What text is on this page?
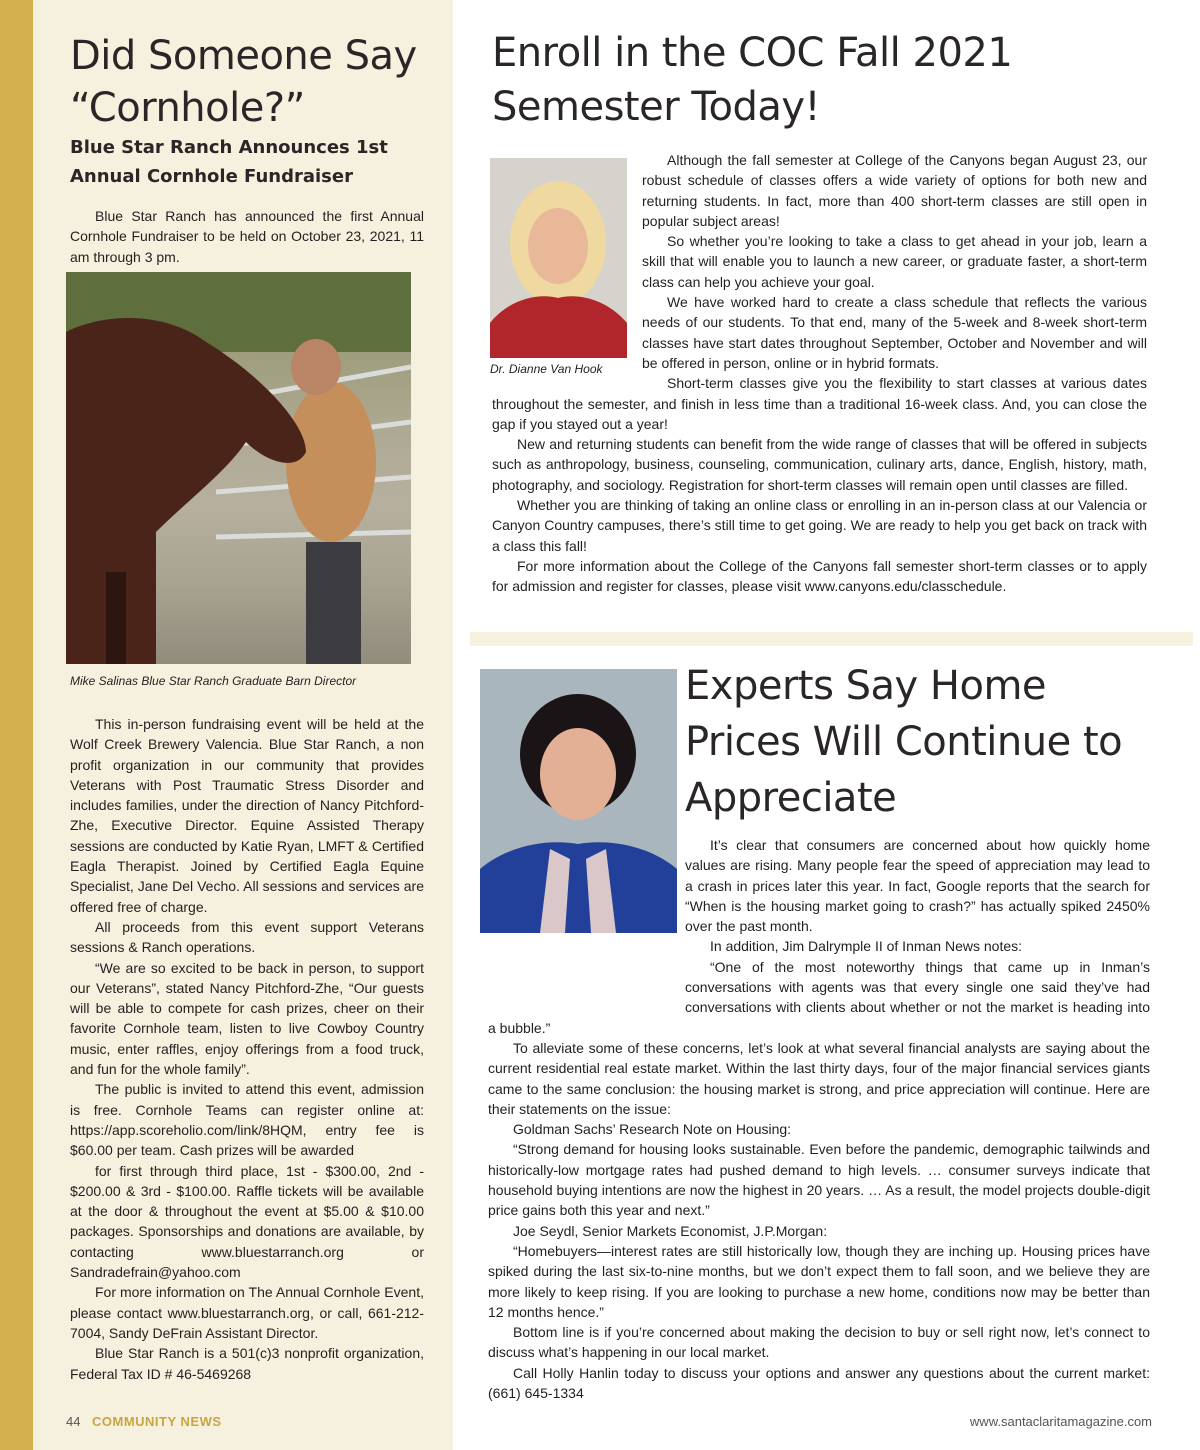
Did Someone Say “Cornhole?”
Blue Star Ranch Announces 1st Annual Cornhole Fundraiser

Blue Star Ranch has announced the first Annual Cornhole Fundraiser to be held on October 23, 2021, 11 am through 3 pm.

Mike Salinas Blue Star Ranch Graduate Barn Director

This in-person fundraising event will be held at the Wolf Creek Brewery Valencia. Blue Star Ranch, a non profit organization in our community that provides Veterans with Post Traumatic Stress Disorder and includes families, under the direction of Nancy Pitchford-Zhe, Executive Director. Equine Assisted Therapy sessions are conducted by Katie Ryan, LMFT & Certified Eagla Therapist. Joined by Certified Eagla Equine Specialist, Jane Del Vecho. All sessions and services are offered free of charge.

All proceeds from this event support Veterans sessions & Ranch operations.

“We are so excited to be back in person, to support our Veterans”, stated Nancy Pitchford-Zhe, “Our guests will be able to compete for cash prizes, cheer on their favorite Cornhole team, listen to live Cowboy Country music, enter raffles, enjoy offerings from a food truck, and fun for the whole family”.

The public is invited to attend this event, admission is free. Cornhole Teams can register online at: https://app.scoreholio.com/link/8HQM, entry fee is $60.00 per team. Cash prizes will be awarded

for first through third place, 1st - $300.00, 2nd - $200.00 & 3rd - $100.00. Raffle tickets will be available at the door & throughout the event at $5.00 & $10.00 packages. Sponsorships and donations are available, by contacting www.bluestarranch.org or Sandradefrain@yahoo.com

For more information on The Annual Cornhole Event, please contact www.bluestarranch.org, or call, 661-212-7004, Sandy DeFrain Assistant Director.

Blue Star Ranch is a 501(c)3 nonprofit organization, Federal Tax ID # 46-5469268

Enroll in the COC Fall 2021 Semester Today!

Although the fall semester at College of the Canyons began August 23, our robust schedule of classes offers a wide variety of options for both new and returning students. In fact, more than 400 short-term classes are still open in popular subject areas!

So whether you’re looking to take a class to get ahead in your job, learn a skill that will enable you to launch a new career, or graduate faster, a short-term class can help you achieve your goal.

We have worked hard to create a class schedule that reflects the various needs of our students. To that end, many of the 5-week and 8-week short-term classes have start dates throughout September, October and November and will be offered in person, online or in hybrid formats.

Short-term classes give you the flexibility to start classes at various dates throughout the semester, and finish in less time than a traditional 16-week class. And, you can close the gap if you stayed out a year!

New and returning students can benefit from the wide range of classes that will be offered in subjects such as anthropology, business, counseling, communication, culinary arts, dance, English, history, math, photography, and sociology. Registration for short-term classes will remain open until classes are filled.

Whether you are thinking of taking an online class or enrolling in an in-person class at our Valencia or Canyon Country campuses, there’s still time to get going. We are ready to help you get back on track with a class this fall!

For more information about the College of the Canyons fall semester short-term classes or to apply for admission and register for classes, please visit www.canyons.edu/classchedule.

Dr. Dianne Van Hook

Experts Say Home Prices Will Continue to Appreciate

It’s clear that consumers are concerned about how quickly home values are rising. Many people fear the speed of appreciation may lead to a crash in prices later this year. In fact, Google reports that the search for “When is the housing market going to crash?” has actually spiked 2450% over the past month.

In addition, Jim Dalrymple II of Inman News notes:

“One of the most noteworthy things that came up in Inman’s conversations with agents was that every single one said they’ve had conversations with clients about whether or not the market is heading into a bubble.”

To alleviate some of these concerns, let’s look at what several financial analysts are saying about the current residential real estate market. Within the last thirty days, four of the major financial services giants came to the same conclusion: the housing market is strong, and price appreciation will continue. Here are their statements on the issue:

Goldman Sachs’ Research Note on Housing:

“Strong demand for housing looks sustainable. Even before the pandemic, demographic tailwinds and historically-low mortgage rates had pushed demand to high levels. … consumer surveys indicate that household buying intentions are now the highest in 20 years. … As a result, the model projects double-digit price gains both this year and next.”

Joe Seydl, Senior Markets Economist, J.P.Morgan:

“Homebuyers—interest rates are still historically low, though they are inching up. Housing prices have spiked during the last six-to-nine months, but we don’t expect them to fall soon, and we believe they are more likely to keep rising. If you are looking to purchase a new home, conditions now may be better than 12 months hence.”

Bottom line is if you’re concerned about making the decision to buy or sell right now, let’s connect to discuss what’s happening in our local market.

Call Holly Hanlin today to discuss your options and answer any questions about the current market: (661) 645-1334

44 COMMUNITY NEWS	www.santaclaritamagazine.com
